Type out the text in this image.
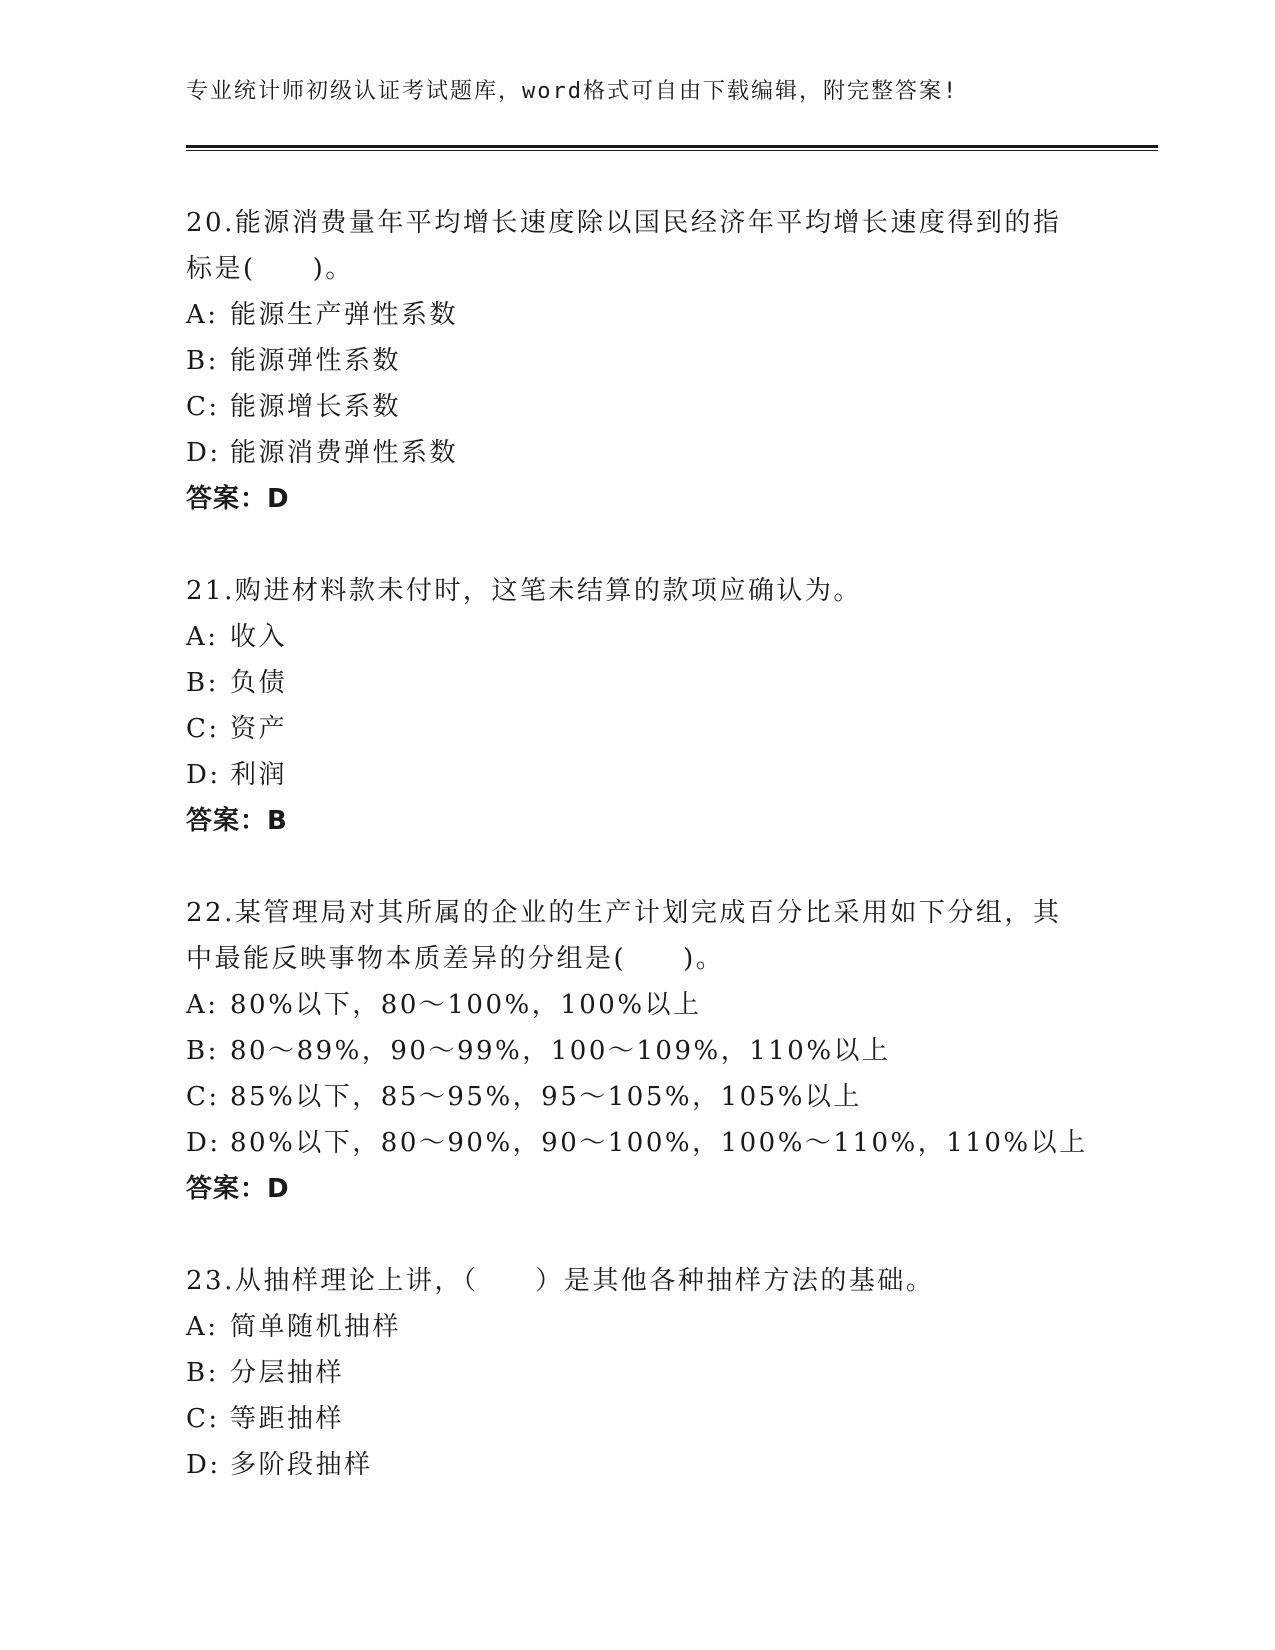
专业统计师初级认证考试题库，word格式可自由下载编辑，附完整答案!
20.能源消费量年平均增长速度除以国民经济年平均增长速度得到的指
标是(　　)。
A: 能源生产弹性系数
B: 能源弹性系数
C: 能源增长系数
D: 能源消费弹性系数
答案：D
21.购进材料款未付时，这笔未结算的款项应确认为。
A: 收入
B: 负债
C: 资产
D: 利润
答案：B
22.某管理局对其所属的企业的生产计划完成百分比采用如下分组，其
中最能反映事物本质差异的分组是(　　)。
A: 80%以下，80～100%，100%以上
B: 80～89%，90～99%，100～109%，110%以上
C: 85%以下，85～95%，95～105%，105%以上
D: 80%以下，80～90%，90～100%，100%～110%，110%以上
答案：D
23.从抽样理论上讲，（　　）是其他各种抽样方法的基础。
A: 简单随机抽样
B: 分层抽样
C: 等距抽样
D: 多阶段抽样
